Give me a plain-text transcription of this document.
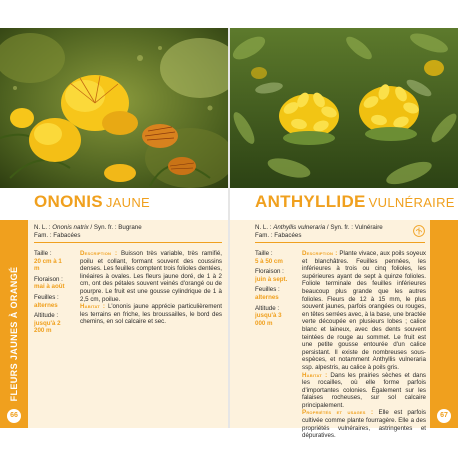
ONONIS JAUNE
FLEURS JAUNES À ORANGÉ
66
N. L. : Ononis natrix / Syn. fr. : Bugrane
Fam. : Fabacées
Taille :
20 cm à 1 m
Floraison :
mai à août
Feuilles :
alternes
Altitude :
jusqu'à 2 200 m

Description : Buisson très variable, très ramifié, poilu et collant, formant souvent des coussins denses. Les feuilles comptent trois folioles dentées, linéaires à ovales. Les fleurs jaune doré, de 1 à 2 cm, ont des pétales souvent veinés d'orangé ou de pourpre. Le fruit est une gousse cylindrique de 1 à 2,5 cm, poilue.

Habitat : L'ononis jaune apprécie particulièrement les terrains en friche, les broussailles, le bord des chemins, en sol calcaire et sec.

ANTHYLLIDE VULNÉRAIRE
67
N. L. : Anthyllis vulneraria / Syn. fr. : Vulnéraire
Fam. : Fabacées
Taille :
5 à 50 cm
Floraison :
juin à sept.
Feuilles :
alternes
Altitude :
jusqu'à 3 000 m

Description : Plante vivace, aux poils soyeux et blanchâtres. Feuilles pennées, les inférieures à trois ou cinq folioles, les supérieures ayant de sept à quinze folioles. Foliole terminale des feuilles inférieures beaucoup plus grande que les autres folioles. Fleurs de 12 à 15 mm, le plus souvent jaunes, parfois orangées ou rouges, en têtes serrées avec, à la base, une bractée verte découpée en plusieurs lobes ; calice blanc et laineux, avec des dents souvent teintées de rouge au sommet. Le fruit est une petite gousse entourée d'un calice persistant. Il existe de nombreuses sous-espèces, et notamment Anthyllis vulneraria ssp. alpestris, au calice à poils gris.

Habitat : Dans les prairies sèches et dans les rocailles, où elle forme parfois d'importantes colonies. Également sur les falaises rocheuses, sur sol calcaire principalement.

Propriétés et usages : Elle est parfois cultivée comme plante fourragère. Elle a des propriétés vulnéraires, astringentes et dépuratives.
